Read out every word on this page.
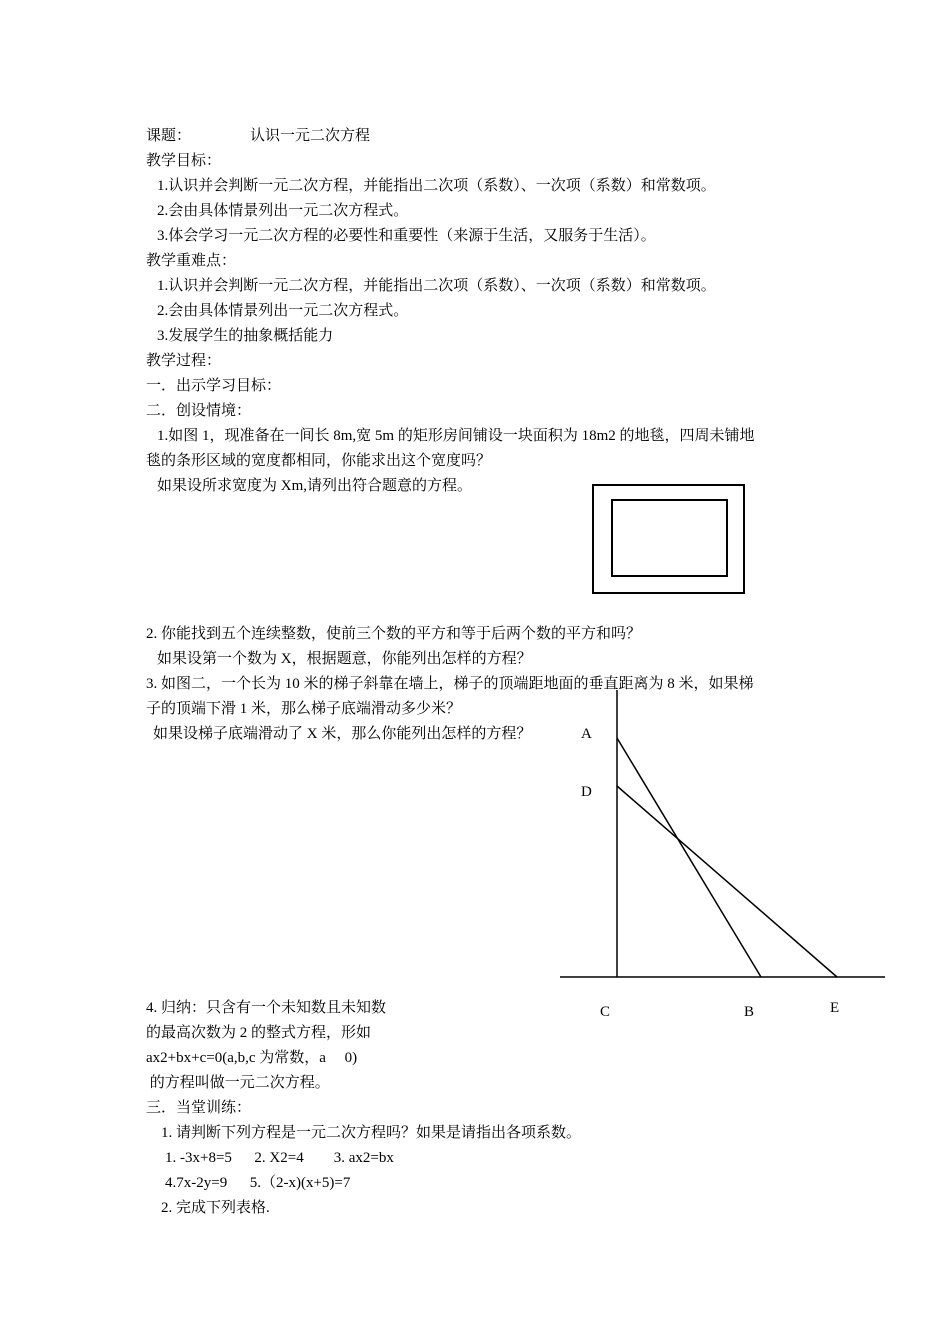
课题：	认识一元二次方程
教学目标：
1.认识并会判断一元二次方程，并能指出二次项（系数）、一次项（系数）和常数项。
2.会由具体情景列出一元二次方程式。
3.体会学习一元二次方程的必要性和重要性（来源于生活，又服务于生活）。
教学重难点：
1.认识并会判断一元二次方程，并能指出二次项（系数）、一次项（系数）和常数项。
2.会由具体情景列出一元二次方程式。
3.发展学生的抽象概括能力
教学过程：
一．出示学习目标：
二．创设情境：
1.如图 1，现准备在一间长 8m,宽 5m 的矩形房间铺设一块面积为 18m2 的地毯，四周未铺地
毯的条形区域的宽度都相同，你能求出这个宽度吗？
如果设所求宽度为 Xm,请列出符合题意的方程。
2. 你能找到五个连续整数，使前三个数的平方和等于后两个数的平方和吗？
如果设第一个数为 X，根据题意，你能列出怎样的方程？
3. 如图二，一个长为 10 米的梯子斜靠在墙上，梯子的顶端距地面的垂直距离为 8 米，如果梯
子的顶端下滑 1 米，那么梯子底端滑动多少米？
如果设梯子底端滑动了 X 米，那么你能列出怎样的方程？	A
D
C	B	E
4. 归纳：只含有一个未知数且未知数
的最高次数为 2 的整式方程，形如
ax2+bx+c=0(a,b,c 为常数，a     0)
的方程叫做一元二次方程。
三．当堂训练：
1. 请判断下列方程是一元二次方程吗？如果是请指出各项系数。
1. -3x+8=5      2. X2=4        3. ax2=bx
4.7x-2y=9      5.（2-x)(x+5)=7
2. 完成下列表格.
